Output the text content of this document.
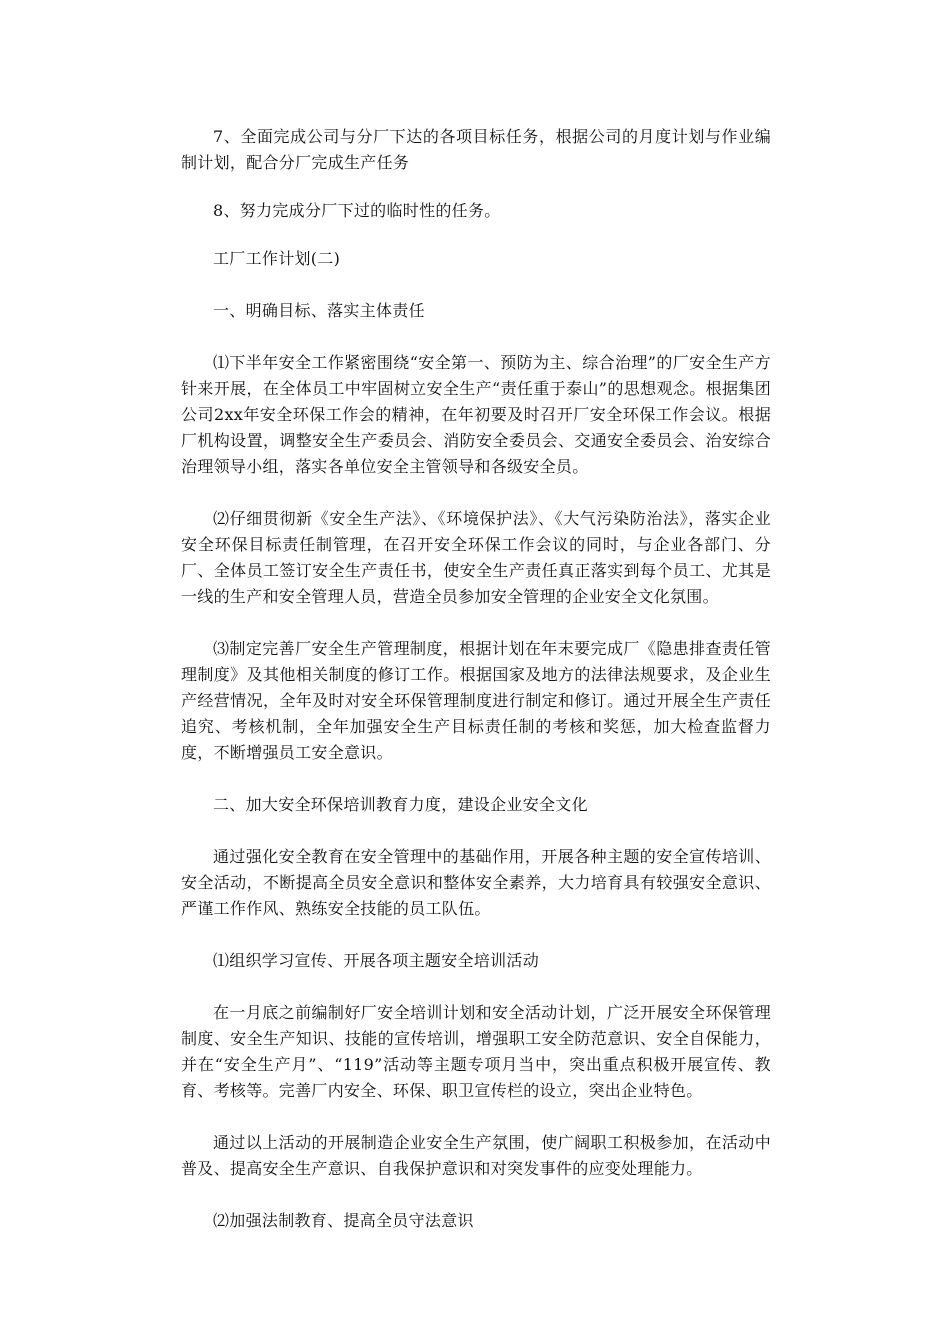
7、全面完成公司与分厂下达的各项目标任务，根据公司的月度计划与作业编制计划，配合分厂完成生产任务

8、努力完成分厂下过的临时性的任务。

工厂工作计划(二)

一、明确目标、落实主体责任

⑴下半年安全工作紧密围绕“安全第一、预防为主、综合治理”的厂安全生产方针来开展，在全体员工中牢固树立安全生产“责任重于泰山”的思想观念。根据集团公司2xx年安全环保工作会的精神，在年初要及时召开厂安全环保工作会议。根据厂机构设置，调整安全生产委员会、消防安全委员会、交通安全委员会、治安综合治理领导小组，落实各单位安全主管领导和各级安全员。

⑵仔细贯彻新《安全生产法》、《环境保护法》、《大气污染防治法》，落实企业安全环保目标责任制管理，在召开安全环保工作会议的同时，与企业各部门、分厂、全体员工签订安全生产责任书，使安全生产责任真正落实到每个员工、尤其是一线的生产和安全管理人员，营造全员参加安全管理的企业安全文化氛围。

⑶制定完善厂安全生产管理制度，根据计划在年末要完成厂《隐患排查责任管理制度》及其他相关制度的修订工作。根据国家及地方的法律法规要求，及企业生产经营情况，全年及时对安全环保管理制度进行制定和修订。通过开展全生产责任追究、考核机制，全年加强安全生产目标责任制的考核和奖惩，加大检查监督力度，不断增强员工安全意识。

二、加大安全环保培训教育力度，建设企业安全文化

通过强化安全教育在安全管理中的基础作用，开展各种主题的安全宣传培训、安全活动，不断提高全员安全意识和整体安全素养，大力培育具有较强安全意识、严谨工作作风、熟练安全技能的员工队伍。

⑴组织学习宣传、开展各项主题安全培训活动

在一月底之前编制好厂安全培训计划和安全活动计划，广泛开展安全环保管理制度、安全生产知识、技能的宣传培训，增强职工安全防范意识、安全自保能力，并在“安全生产月”、“119”活动等主题专项月当中，突出重点积极开展宣传、教育、考核等。完善厂内安全、环保、职卫宣传栏的设立，突出企业特色。

通过以上活动的开展制造企业安全生产氛围，使广阔职工积极参加，在活动中普及、提高安全生产意识、自我保护意识和对突发事件的应变处理能力。

⑵加强法制教育、提高全员守法意识
